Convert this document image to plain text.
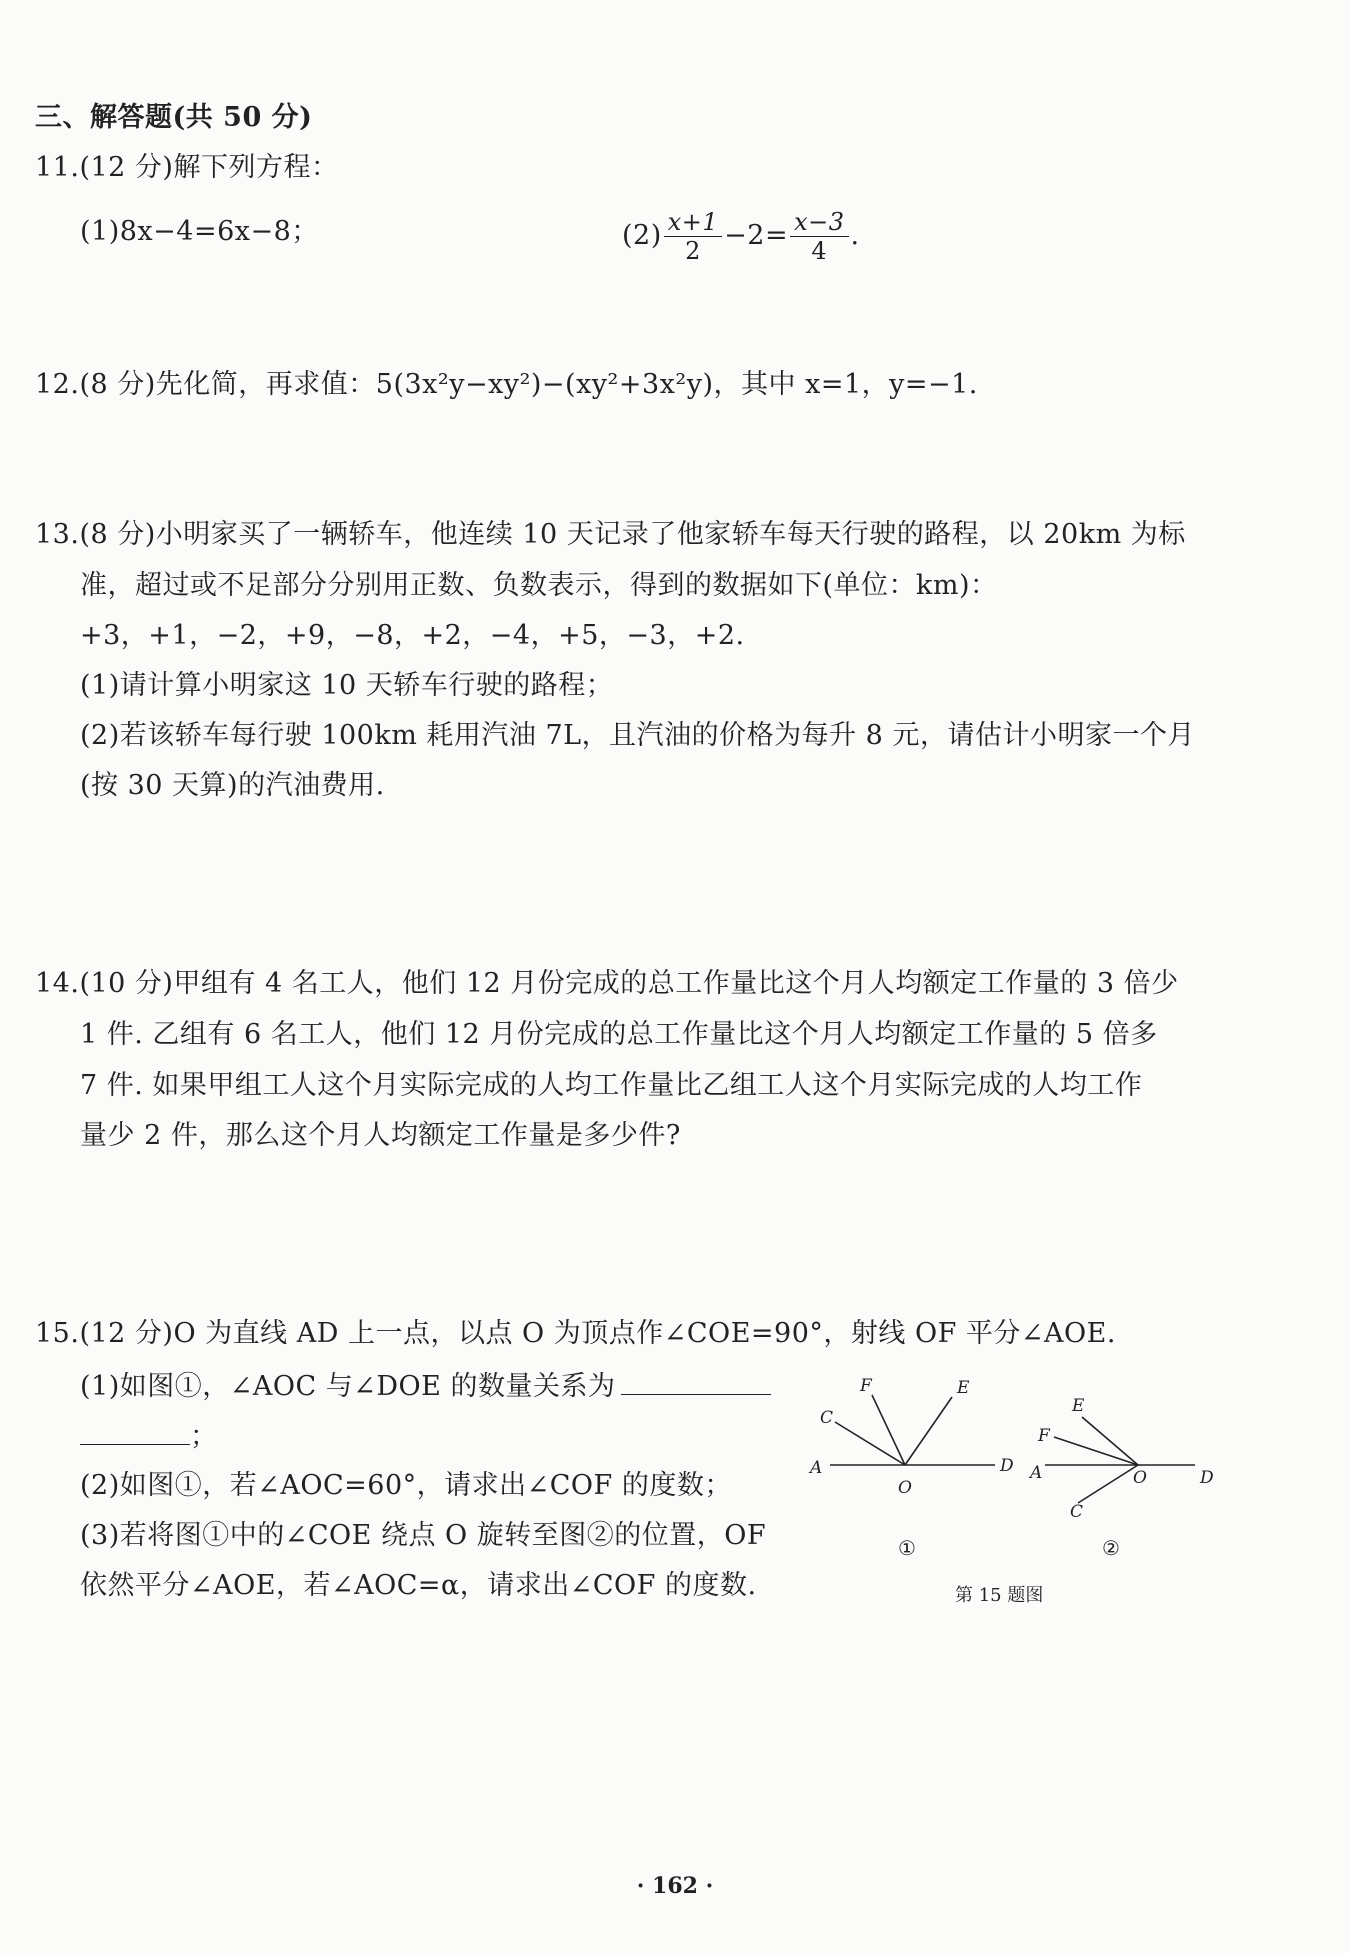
三、解答题(共 50 分)
11.(12 分)解下列方程：
(1)8x−4=6x−8；	$(2) \frac{x+1}{2} -2= \frac{x-3}{4}$ .
12.(8 分)先化简，再求值：5(3x²y−xy²)−(xy²+3x²y)，其中 x=1，y=−1.
13.(8 分)小明家买了一辆轿车，他连续 10 天记录了他家轿车每天行驶的路程，以 20km 为标
准，超过或不足部分分别用正数、负数表示，得到的数据如下(单位：km)：
+3，+1，−2，+9，−8，+2，−4，+5，−3，+2.
(1)请计算小明家这 10 天轿车行驶的路程；
(2)若该轿车每行驶 100km 耗用汽油 7L，且汽油的价格为每升 8 元，请估计小明家一个月
(按 30 天算)的汽油费用.
14.(10 分)甲组有 4 名工人，他们 12 月份完成的总工作量比这个月人均额定工作量的 3 倍少
1 件. 乙组有 6 名工人，他们 12 月份完成的总工作量比这个月人均额定工作量的 5 倍多
7 件. 如果甲组工人这个月实际完成的人均工作量比乙组工人这个月实际完成的人均工作
量少 2 件，那么这个月人均额定工作量是多少件?
15.(12 分)O 为直线 AD 上一点，以点 O 为顶点作∠COE=90°，射线 OF 平分∠AOE.
(1)如图①，∠AOC 与∠DOE 的数量关系为
；
(2)如图①，若∠AOC=60°，请求出∠COF 的度数；
(3)若将图①中的∠COE 绕点 O 旋转至图②的位置，OF
依然平分∠AOE，若∠AOC=α，请求出∠COF 的度数.
A
O
D
C
F	E
①
A	O	D
C
F
E
②
第 15 题图
· 162 ·
